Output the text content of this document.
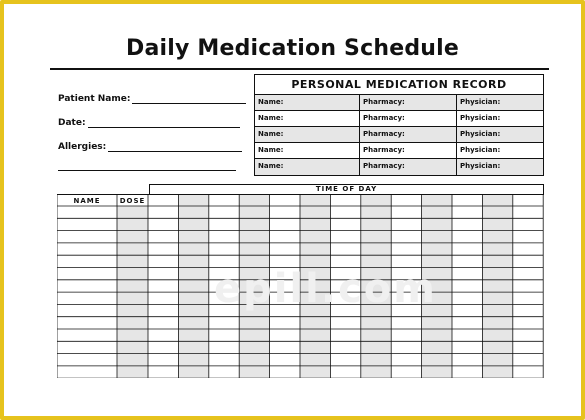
Daily Medication Schedule
Patient Name:
Date:
Allergies:
PERSONAL MEDICATION RECORD
Name:	Pharmacy:	Physician:
Name:	Pharmacy:	Physician:
Name:	Pharmacy:	Physician:
Name:	Pharmacy:	Physician:
Name:	Pharmacy:	Physician:
TIME OF DAY
NAME	DOSE
epill.com
